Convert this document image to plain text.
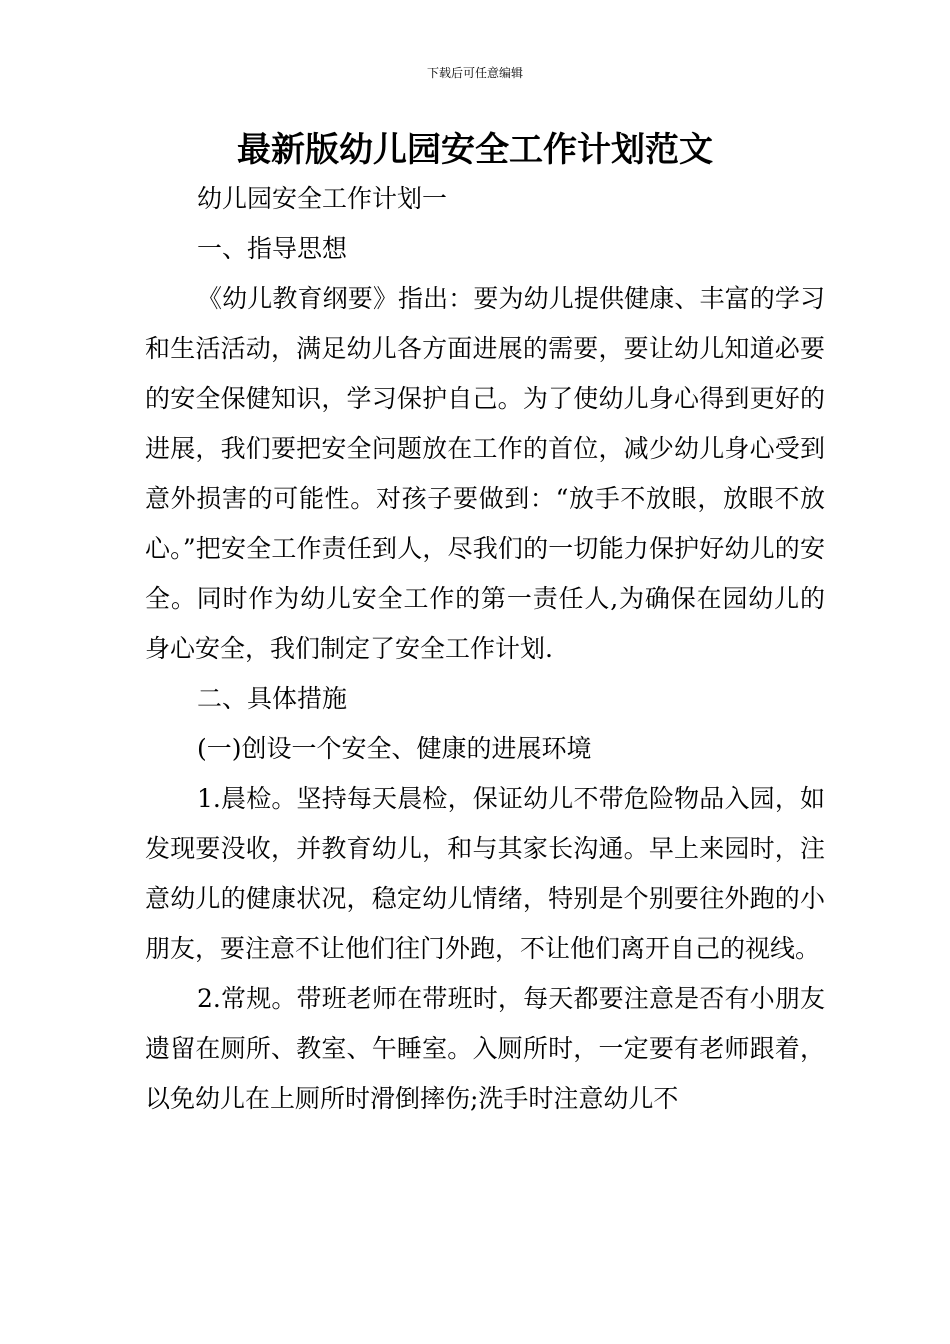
下载后可任意编辑
最新版幼儿园安全工作计划范文

幼儿园安全工作计划一

一、指导思想

《幼儿教育纲要》指出：要为幼儿提供健康、丰富的学习和生活活动，满足幼儿各方面进展的需要，要让幼儿知道必要的安全保健知识，学习保护自己。为了使幼儿身心得到更好的进展，我们要把安全问题放在工作的首位，减少幼儿身心受到意外损害的可能性。对孩子要做到：“放手不放眼，放眼不放心。”把安全工作责任到人，尽我们的一切能力保护好幼儿的安全。同时作为幼儿安全工作的第一责任人,为确保在园幼儿的身心安全，我们制定了安全工作计划.

二、具体措施

(一)创设一个安全、健康的进展环境

1.晨检。坚持每天晨检，保证幼儿不带危险物品入园，如发现要没收，并教育幼儿，和与其家长沟通。早上来园时，注意幼儿的健康状况，稳定幼儿情绪，特别是个别要往外跑的小朋友，要注意不让他们往门外跑，不让他们离开自己的视线。

2.常规。带班老师在带班时，每天都要注意是否有小朋友遗留在厕所、教室、午睡室。入厕所时，一定要有老师跟着，以免幼儿在上厕所时滑倒摔伤;洗手时注意幼儿不
